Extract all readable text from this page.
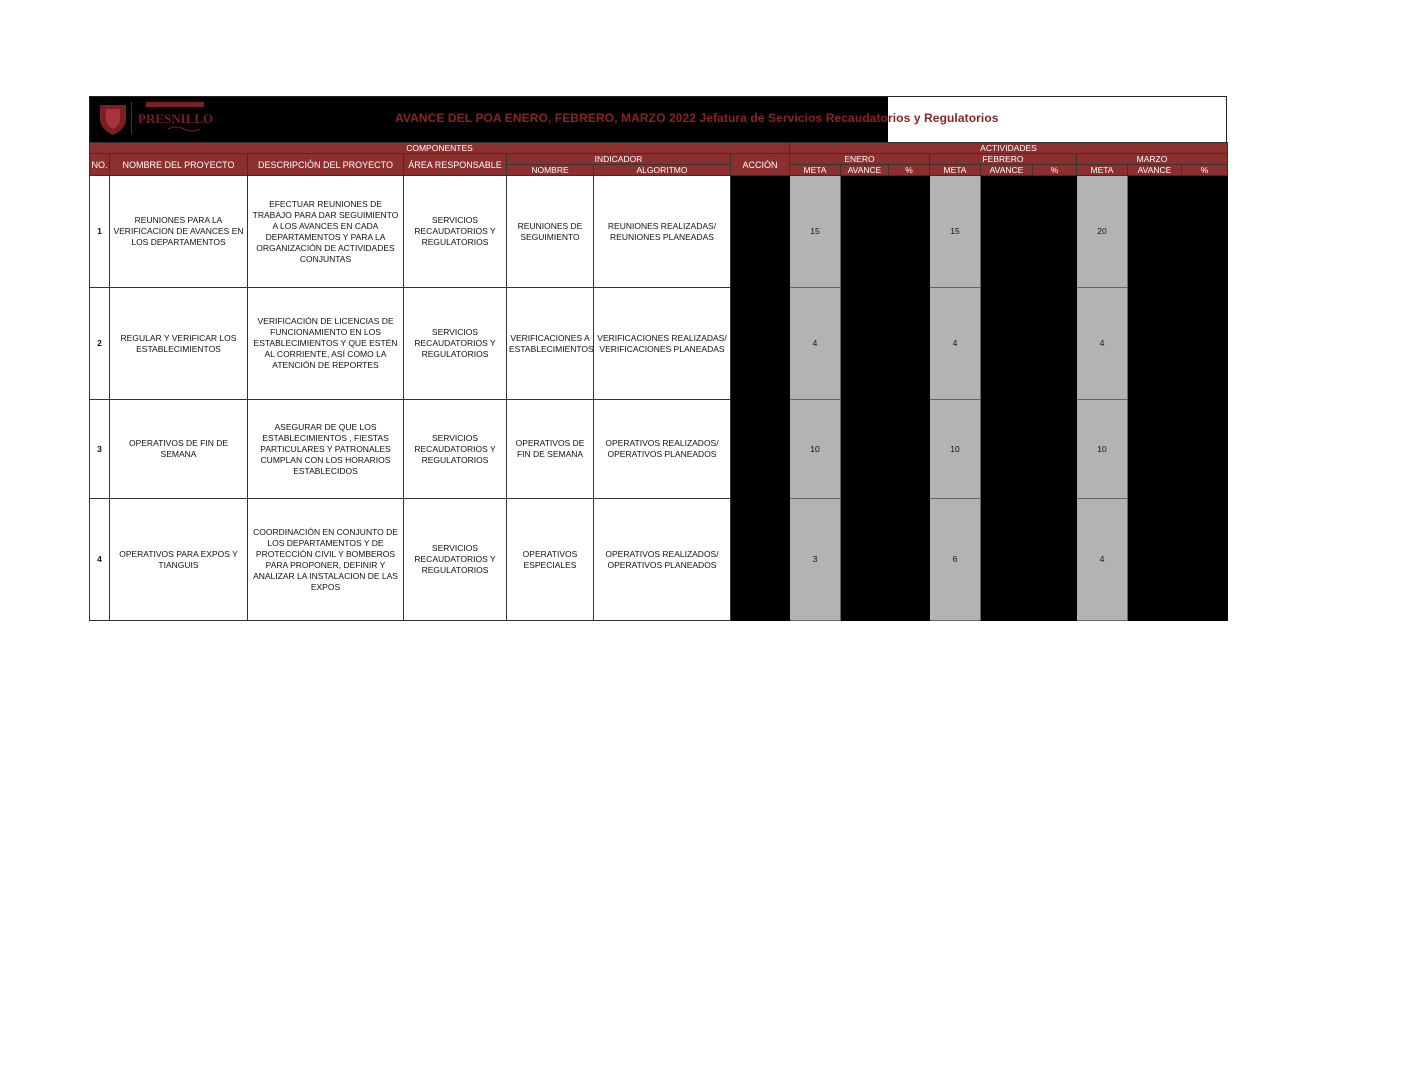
PRESNILLO	AVANCE DEL POA ENERO, FEBRERO, MARZO 2022 Jefatura de Servicios Recaudatorios y Regulatorios
COMPONENTES							ACTIVIDADES								
NO.	NOMBRE DEL PROYECTO	DESCRIPCIÓN DEL PROYECTO	ÁREA RESPONSABLE	INDICADOR		ACCIÓN	ENERO			FEBRERO			MARZO		
				NOMBRE	ALGORITMO		META	AVANCE	%	META	AVANCE	%	META	AVANCE	%
1	REUNIONES PARA LA VERIFICACION DE AVANCES EN LOS DEPARTAMENTOS	EFECTUAR REUNIONES DE TRABAJO PARA DAR SEGUIMIENTO A LOS AVANCES EN CADA DEPARTAMENTOS Y PARA LA ORGANIZACIÓN DE ACTIVIDADES CONJUNTAS	SERVICIOS RECAUDATORIOS Y REGULATORIOS	REUNIONES DE SEGUIMIENTO	REUNIONES REALIZADAS/ REUNIONES PLANEADAS		15			15			20		
2	REGULAR Y VERIFICAR LOS ESTABLECIMIENTOS	VERIFICACIÓN DE LICENCIAS DE FUNCIONAMIENTO EN LOS ESTABLECIMIENTOS Y QUE ESTÉN AL CORRIENTE, ASÍ COMO LA ATENCIÓN DE REPORTES	SERVICIOS RECAUDATORIOS Y REGULATORIOS	VERIFICACIONES A ESTABLECIMIENTOS	VERIFICACIONES REALIZADAS/ VERIFICACIONES PLANEADAS		4			4			4		
3	OPERATIVOS DE FIN DE SEMANA	ASEGURAR DE QUE LOS ESTABLECIMIENTOS , FIESTAS PARTICULARES Y PATRONALES CUMPLAN CON LOS HORARIOS ESTABLECIDOS	SERVICIOS RECAUDATORIOS Y REGULATORIOS	OPERATIVOS DE FIN DE SEMANA	OPERATIVOS REALIZADOS/ OPERATIVOS PLANEADOS		10			10			10		
4	OPERATIVOS PARA EXPOS Y TIANGUIS	COORDINACIÓN EN CONJUNTO DE LOS DEPARTAMENTOS Y DE PROTECCIÓN CIVIL Y BOMBEROS PARA PROPONER, DEFINIR Y ANALIZAR LA INSTALACION DE LAS EXPOS	SERVICIOS RECAUDATORIOS Y REGULATORIOS	OPERATIVOS ESPECIALES	OPERATIVOS REALIZADOS/ OPERATIVOS PLANEADOS		3			6			4		
